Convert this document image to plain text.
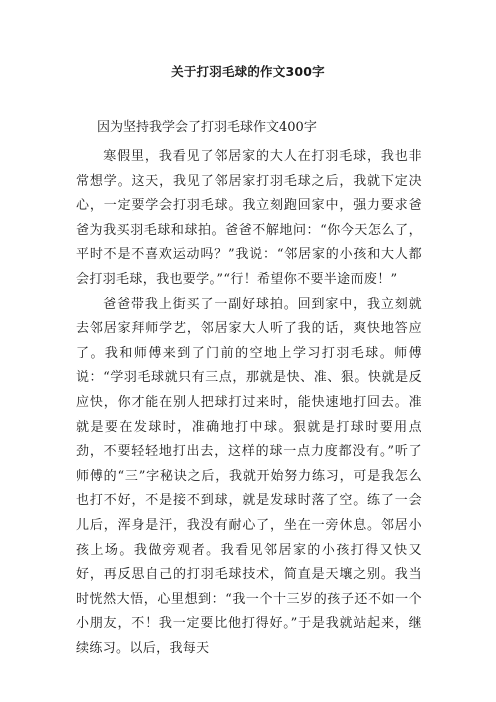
关于打羽毛球的作文300字
因为坚持我学会了打羽毛球作文400字

寒假里，我看见了邻居家的大人在打羽毛球，我也非常想学。这天，我见了邻居家打羽毛球之后，我就下定决心，一定要学会打羽毛球。我立刻跑回家中，强力要求爸爸为我买羽毛球和球拍。爸爸不解地问：“你今天怎么了，平时不是不喜欢运动吗？”我说：“邻居家的小孩和大人都会打羽毛球，我也要学。”“行！希望你不要半途而废！”

爸爸带我上街买了一副好球拍。回到家中，我立刻就去邻居家拜师学艺，邻居家大人听了我的话，爽快地答应了。我和师傅来到了门前的空地上学习打羽毛球。师傅说：“学羽毛球就只有三点，那就是快、准、狠。快就是反应快，你才能在别人把球打过来时，能快速地打回去。准就是要在发球时，准确地打中球。狠就是打球时要用点劲，不要轻轻地打出去，这样的球一点力度都没有。”听了师傅的“三”字秘诀之后，我就开始努力练习，可是我怎么也打不好，不是接不到球，就是发球时落了空。练了一会儿后，浑身是汗，我没有耐心了，坐在一旁休息。邻居小孩上场。我做旁观者。我看见邻居家的小孩打得又快又好，再反思自己的打羽毛球技术，简直是天壤之别。我当时恍然大悟，心里想到：“我一个十三岁的孩子还不如一个小朋友，不！我一定要比他打得好。”于是我就站起来，继续练习。以后，我每天
